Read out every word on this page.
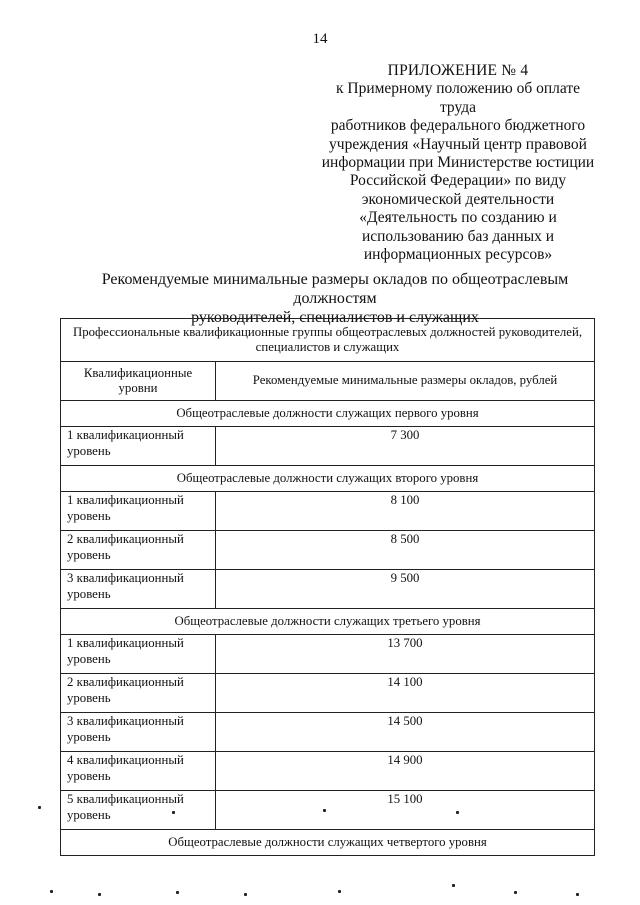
14
ПРИЛОЖЕНИЕ № 4
к Примерному положению об оплате труда
работников федерального бюджетного
учреждения «Научный центр правовой
информации при Министерстве юстиции
Российской Федерации» по виду
экономической деятельности
«Деятельность по созданию и
использованию баз данных и
информационных ресурсов»
Рекомендуемые минимальные размеры окладов по общеотраслевым должностям
руководителей, специалистов и служащих
Профессиональные квалификационные группы общеотраслевых должностей руководителей, специалистов и служащих	
Квалификационные уровни	Рекомендуемые минимальные размеры окладов, рублей
Общеотраслевые должности служащих первого уровня	
1 квалификационный уровень	7 300
Общеотраслевые должности служащих второго уровня	
1 квалификационный уровень	8 100
2 квалификационный уровень	8 500
3 квалификационный уровень	9 500
Общеотраслевые должности служащих третьего уровня	
1 квалификационный уровень	13 700
2 квалификационный уровень	14 100
3 квалификационный уровень	14 500
4 квалификационный уровень	14 900
5 квалификационный уровень	15 100
Общеотраслевые должности служащих четвертого уровня	
